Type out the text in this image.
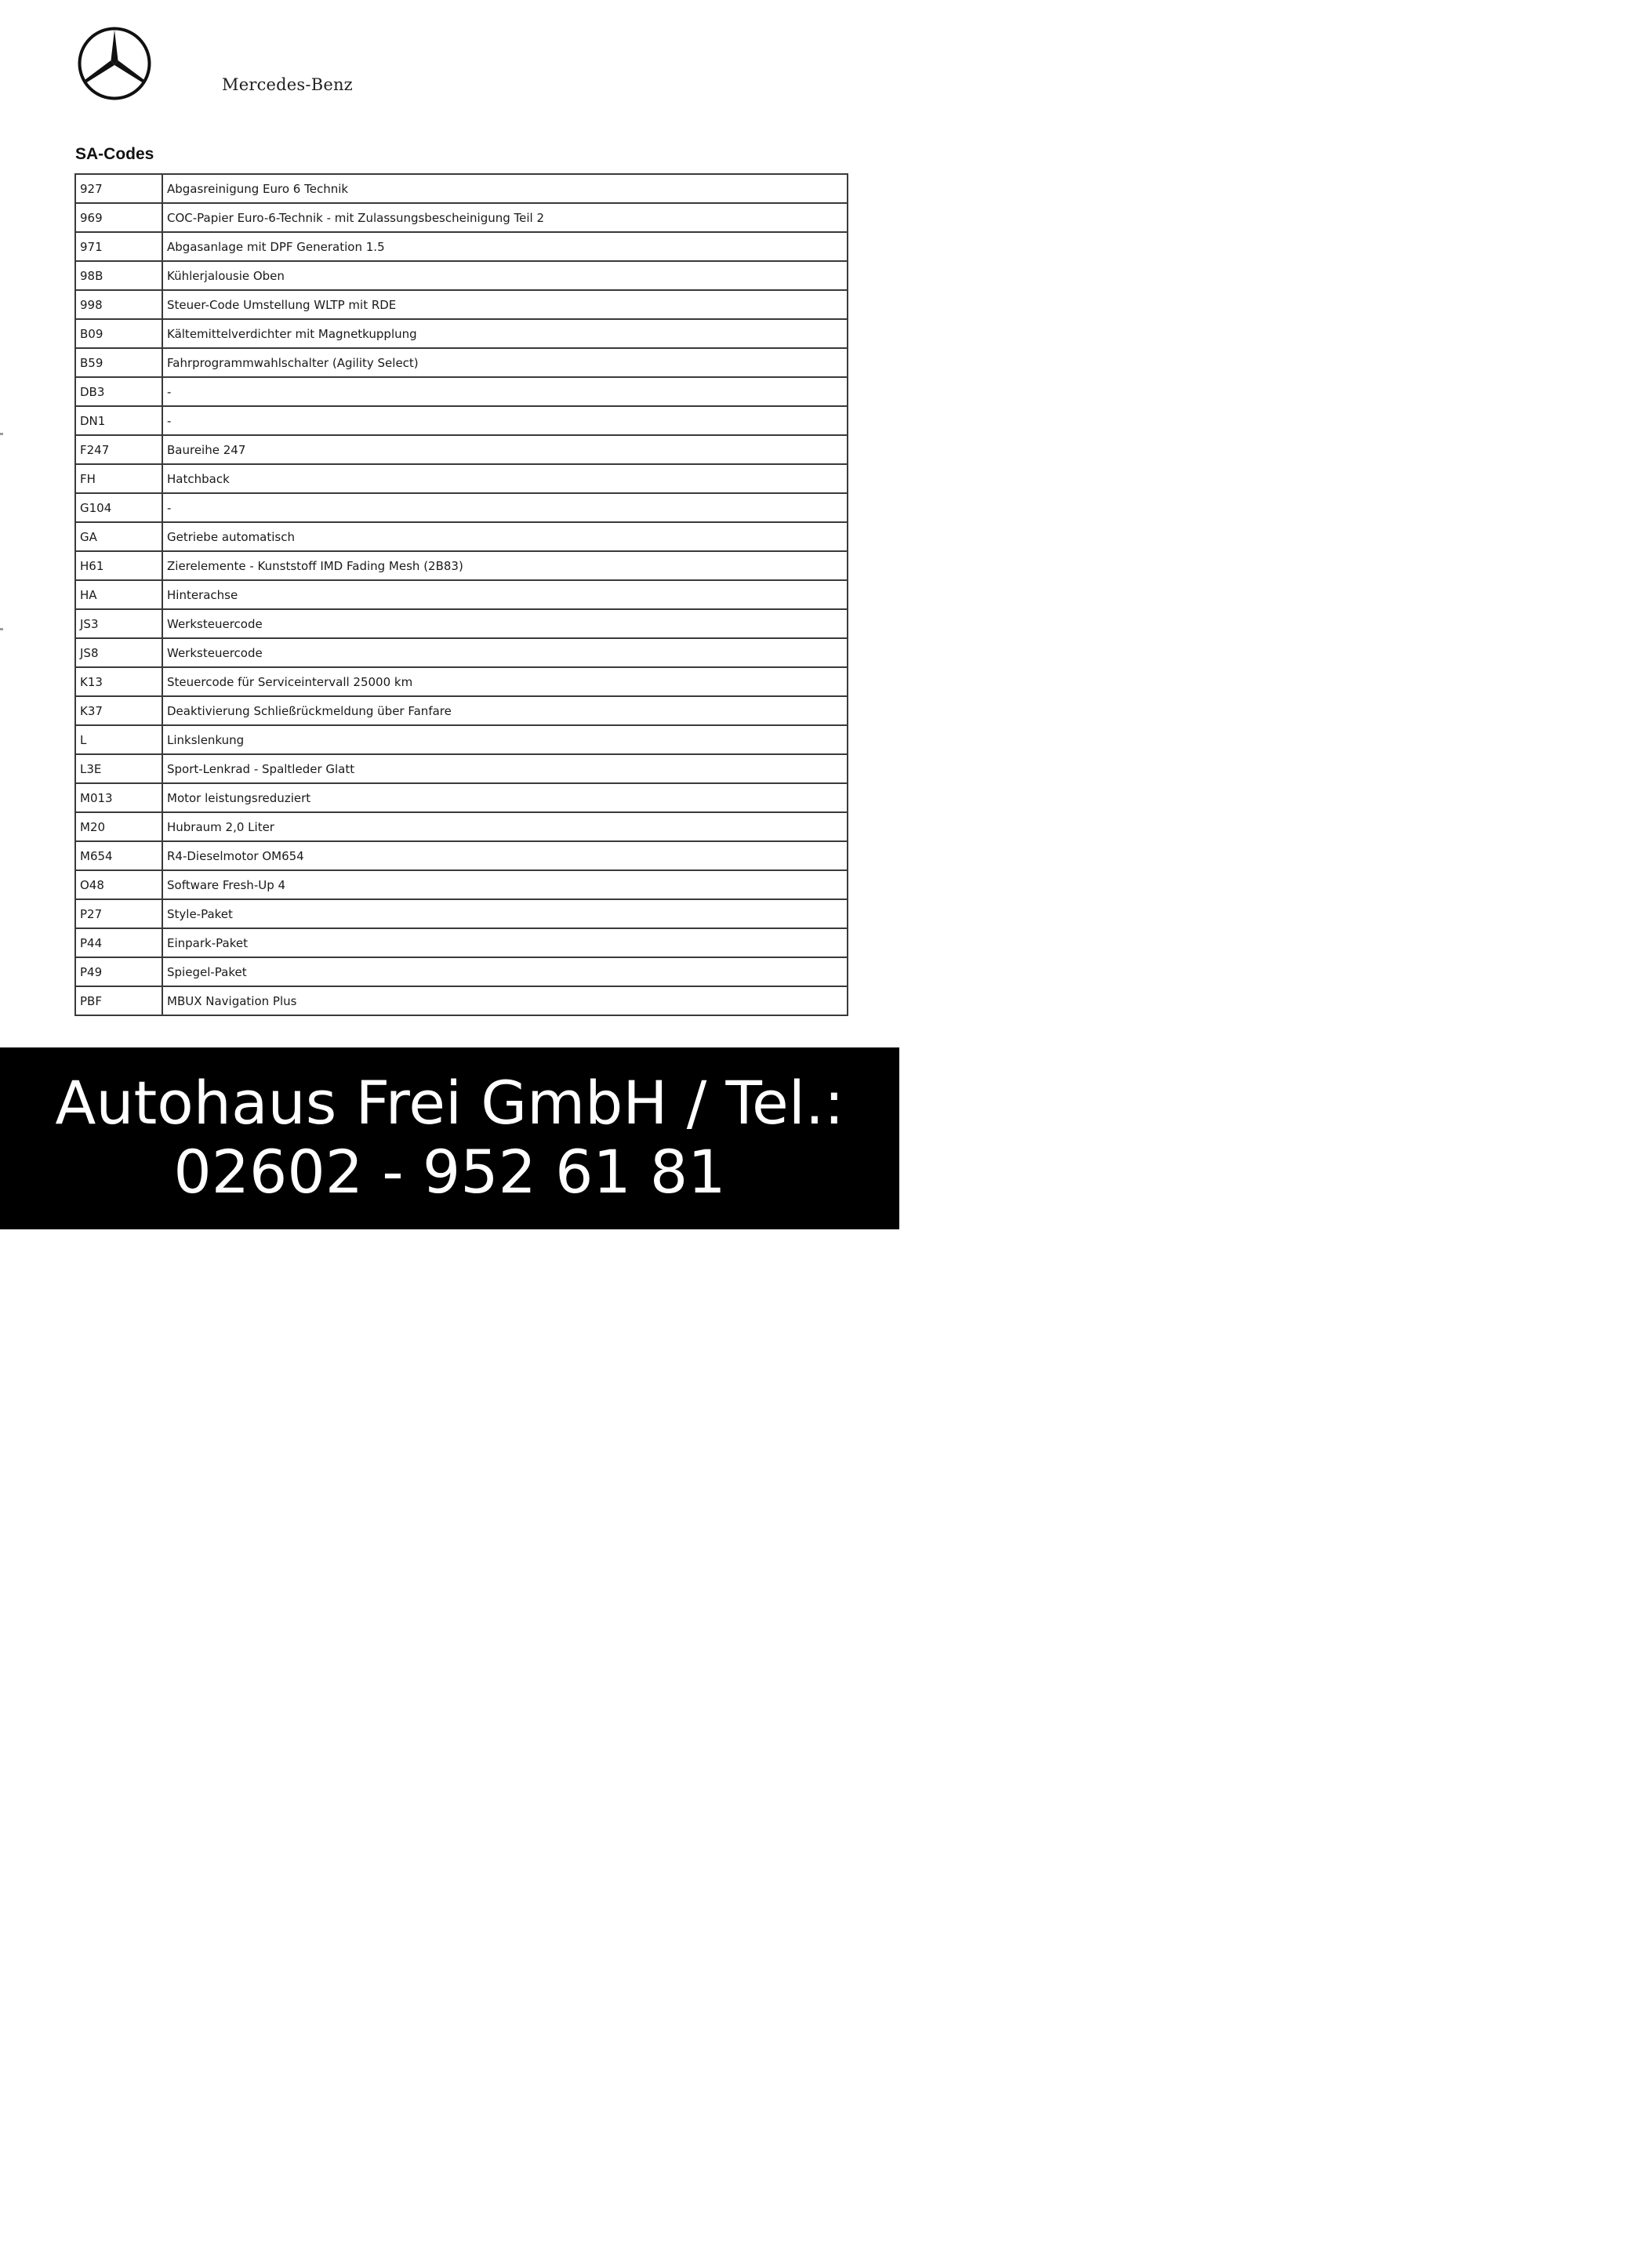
Mercedes-Benz
SA-Codes
927	Abgasreinigung Euro 6 Technik
969	COC-Papier Euro-6-Technik - mit Zulassungsbescheinigung Teil 2
971	Abgasanlage mit DPF Generation 1.5
98B	Kühlerjalousie Oben
998	Steuer-Code Umstellung WLTP mit RDE
B09	Kältemittelverdichter mit Magnetkupplung
B59	Fahrprogrammwahlschalter (Agility Select)
DB3	-
DN1	-
F247	Baureihe 247
FH	Hatchback
G104	-
GA	Getriebe automatisch
H61	Zierelemente - Kunststoff IMD Fading Mesh (2B83)
HA	Hinterachse
JS3	Werksteuercode
JS8	Werksteuercode
K13	Steuercode für Serviceintervall 25000 km
K37	Deaktivierung Schließrückmeldung über Fanfare
L	Linkslenkung
L3E	Sport-Lenkrad - Spaltleder Glatt
M013	Motor leistungsreduziert
M20	Hubraum 2,0 Liter
M654	R4-Dieselmotor OM654
O48	Software Fresh-Up 4
P27	Style-Paket
P44	Einpark-Paket
P49	Spiegel-Paket
PBF	MBUX Navigation Plus
Autohaus Frei GmbH / Tel.:
02602 - 952 61 81
